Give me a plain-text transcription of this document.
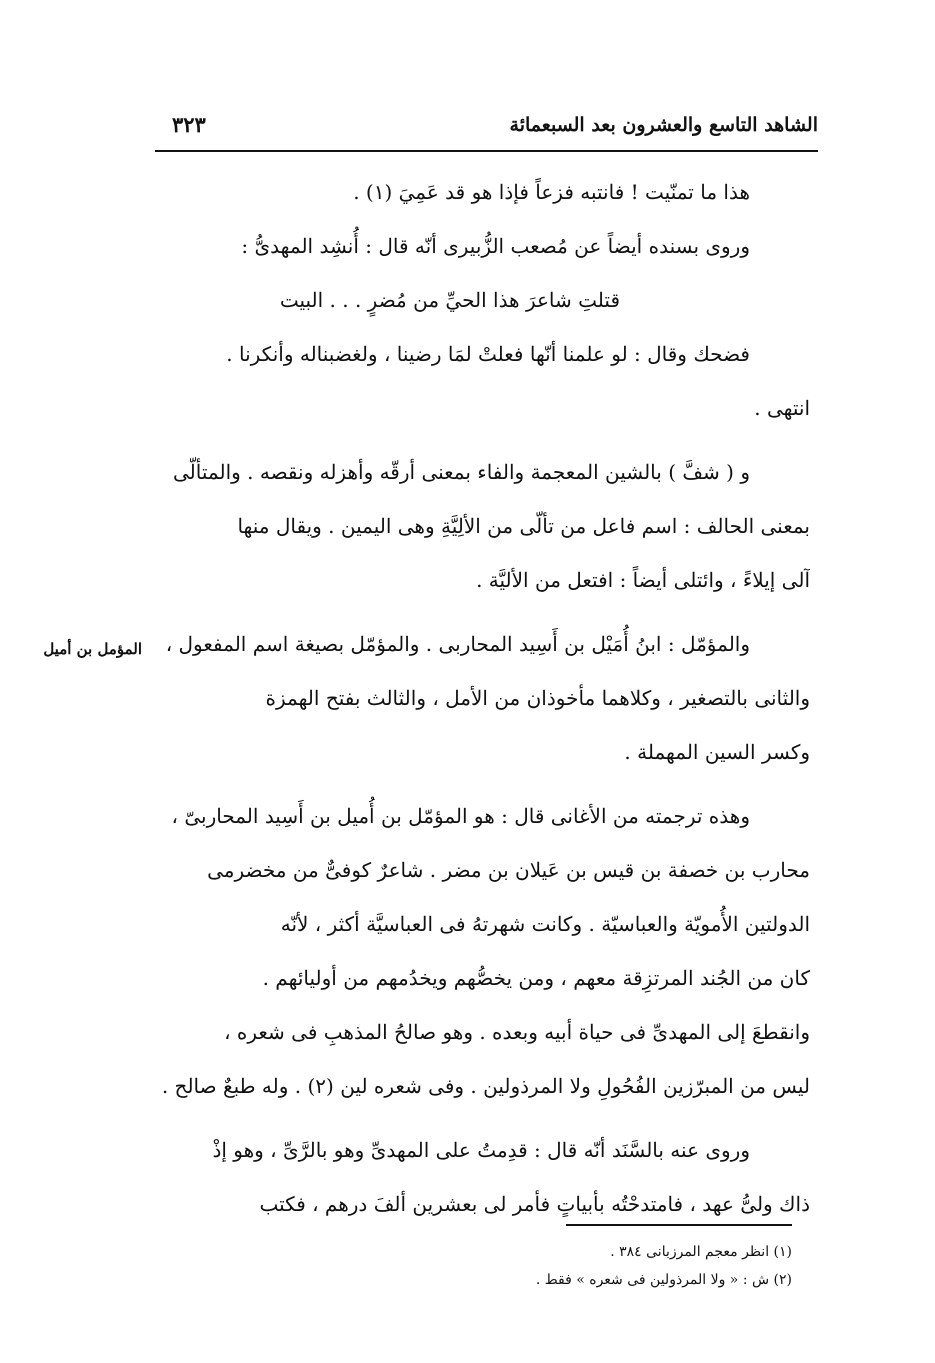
الشاهد التاسع والعشرون بعد السبعمائة
٣٢٣
هذا ما تمنّيت ! فانتبه فزعاً فإذا هو قد عَمِيَ (١) .
وروى بسنده أيضاً عن مُصعب الزُّبيرى أنّه قال : أُنشِد المهدىُّ :
قتلتِ شاعرَ هذا الحيِّ من مُضرٍ . . . البيت
فضحك وقال : لو علمنا أنّها فعلتْ لمَا رضينا ، ولغضبناله وأنكرنا .
انتهى .
و ( شفَّ ) بالشين المعجمة والفاء بمعنى أرقّه وأهزله ونقصه . والمتألّى
بمعنى الحالف : اسم فاعل من تألّى من الألِيَّةِ وهى اليمين . ويقال منها
آلى إيلاءً ، وائتلى أيضاً : افتعل من الأليَّة .
والمؤمّل : ابنُ أُمَيْل بن أَسِيد المحاربى . والمؤمّل بصيغة اسم المفعول ،
والثانى بالتصغير ، وكلاهما مأخوذان من الأمل ، والثالث بفتح الهمزة
وكسر السين المهملة .
وهذه ترجمته من الأغانى قال : هو المؤمّل بن أُميل بن أَسِيد المحاربىّ ،
محارب بن خصفة بن قيس بن عَيلان بن مضر . شاعرٌ كوفىٌّ من مخضرمى
الدولتين الأُمويّة والعباسيّة . وكانت شهرتهُ فى العباسيَّة أكثر ، لأنّه
كان من الجُند المرتزِقة معهم ، ومن يخصُّهم ويخدُمهم من أوليائهم .
وانقطعَ إلى المهدىِّ فى حياة أبيه وبعده . وهو صالحُ المذهبِ فى شعره ،
ليس من المبرّزين الفُحُولِ ولا المرذولين . وفى شعره لين (٢) . وله طبعٌ صالح .
وروى عنه بالسَّنَد أنّه قال : قدِمتُ على المهدىِّ وهو بالرَّىِّ ، وهو إذْ
ذاك ولىُّ عهد ، فامتدحْتُه بأبياتٍ فأمر لى بعشرين ألفَ درهم ، فكتب
المؤمل بن أميل
(١) انظر معجم المرزبانى ٣٨٤ .
(٢) ش : « ولا المرذولين فى شعره » فقط .
